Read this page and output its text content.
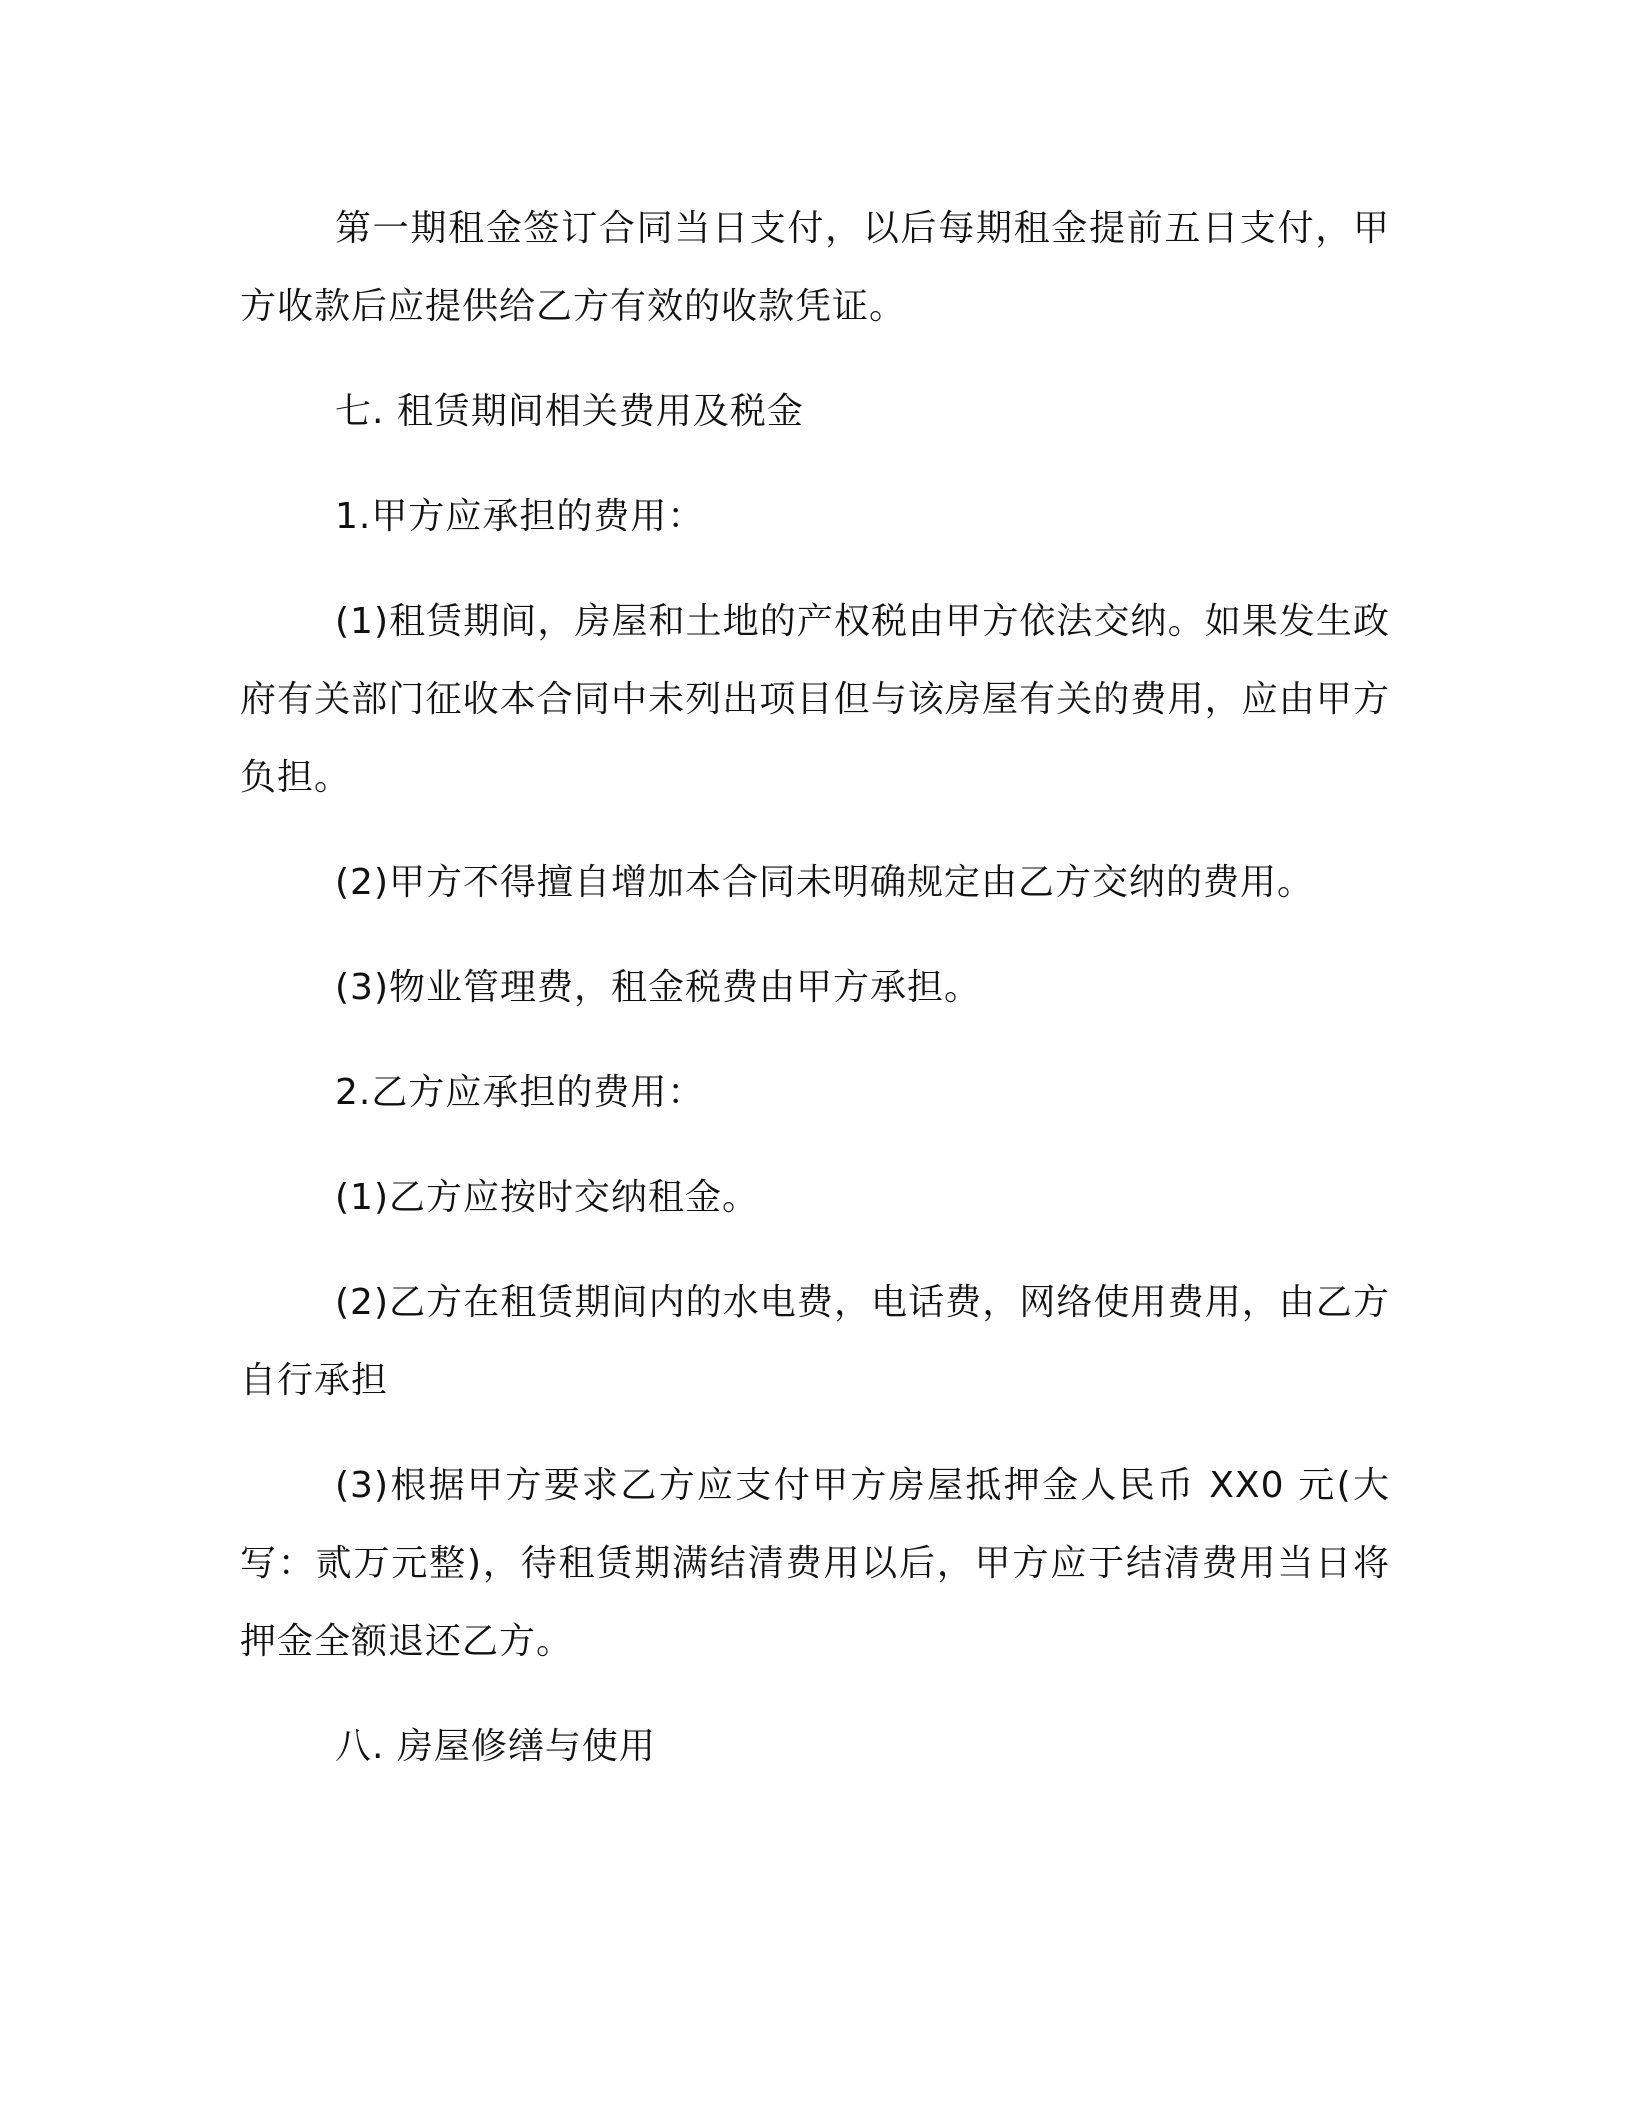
第一期租金签订合同当日支付，以后每期租金提前五日支付，甲方收款后应提供给乙方有效的收款凭证。

七. 租赁期间相关费用及税金

1.甲方应承担的费用：

(1)租赁期间，房屋和土地的产权税由甲方依法交纳。如果发生政府有关部门征收本合同中未列出项目但与该房屋有关的费用，应由甲方负担。

(2)甲方不得擅自增加本合同未明确规定由乙方交纳的费用。

(3)物业管理费，租金税费由甲方承担。

2.乙方应承担的费用：

(1)乙方应按时交纳租金。

(2)乙方在租赁期间内的水电费，电话费，网络使用费用，由乙方自行承担

(3)根据甲方要求乙方应支付甲方房屋抵押金人民币 XX0 元(大写：贰万元整)，待租赁期满结清费用以后，甲方应于结清费用当日将押金全额退还乙方。

八. 房屋修缮与使用
